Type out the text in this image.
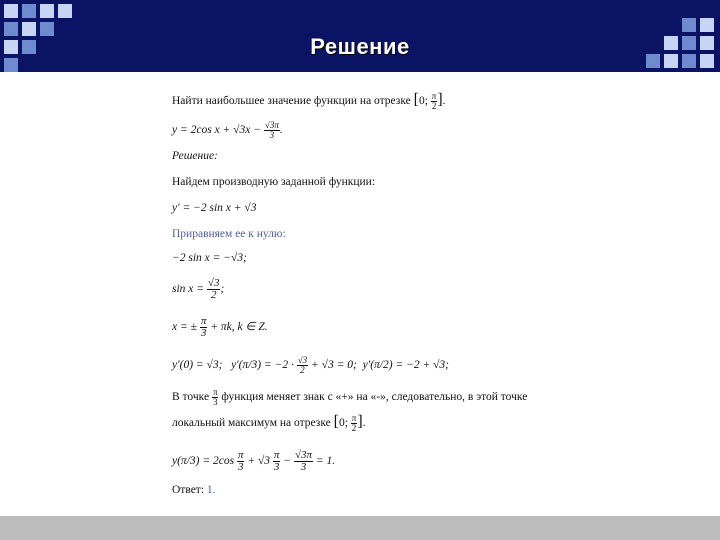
Решение
Найти наибольшее значение функции на отрезке [0; $\frac{\pi}{2}$ ].
y = 2cos $x + √3x - \frac{√3\pi}{3}$ .
Решение:
Найдем производную заданной функции:
y′ = −2 sin x + √3
Приравняем ее к нулю:
−2 sin x = −√3;
$\sin x = \frac{√3}{2}$ ;
x = ± $\frac{\pi}{3} + \pi k$, k ∈ Z.
y′(0) = √3; $y'(\pi/3) = -2 \cdot \frac{√3}{2} + √3 = 0$; y′(π/2) = −2 + √3;
В точке $\frac{\pi}{3}$ функция меняет знак с «+» на «-», следовательно, в этой точке
локальный максимум на отрезке [0; $\frac{\pi}{2}$ ].
$y(\pi/3) = 2\cos \frac{\pi}{3} + √3 \frac{\pi}{3} - \frac{√3\pi}{3} = 1$.
Ответ: 1.
